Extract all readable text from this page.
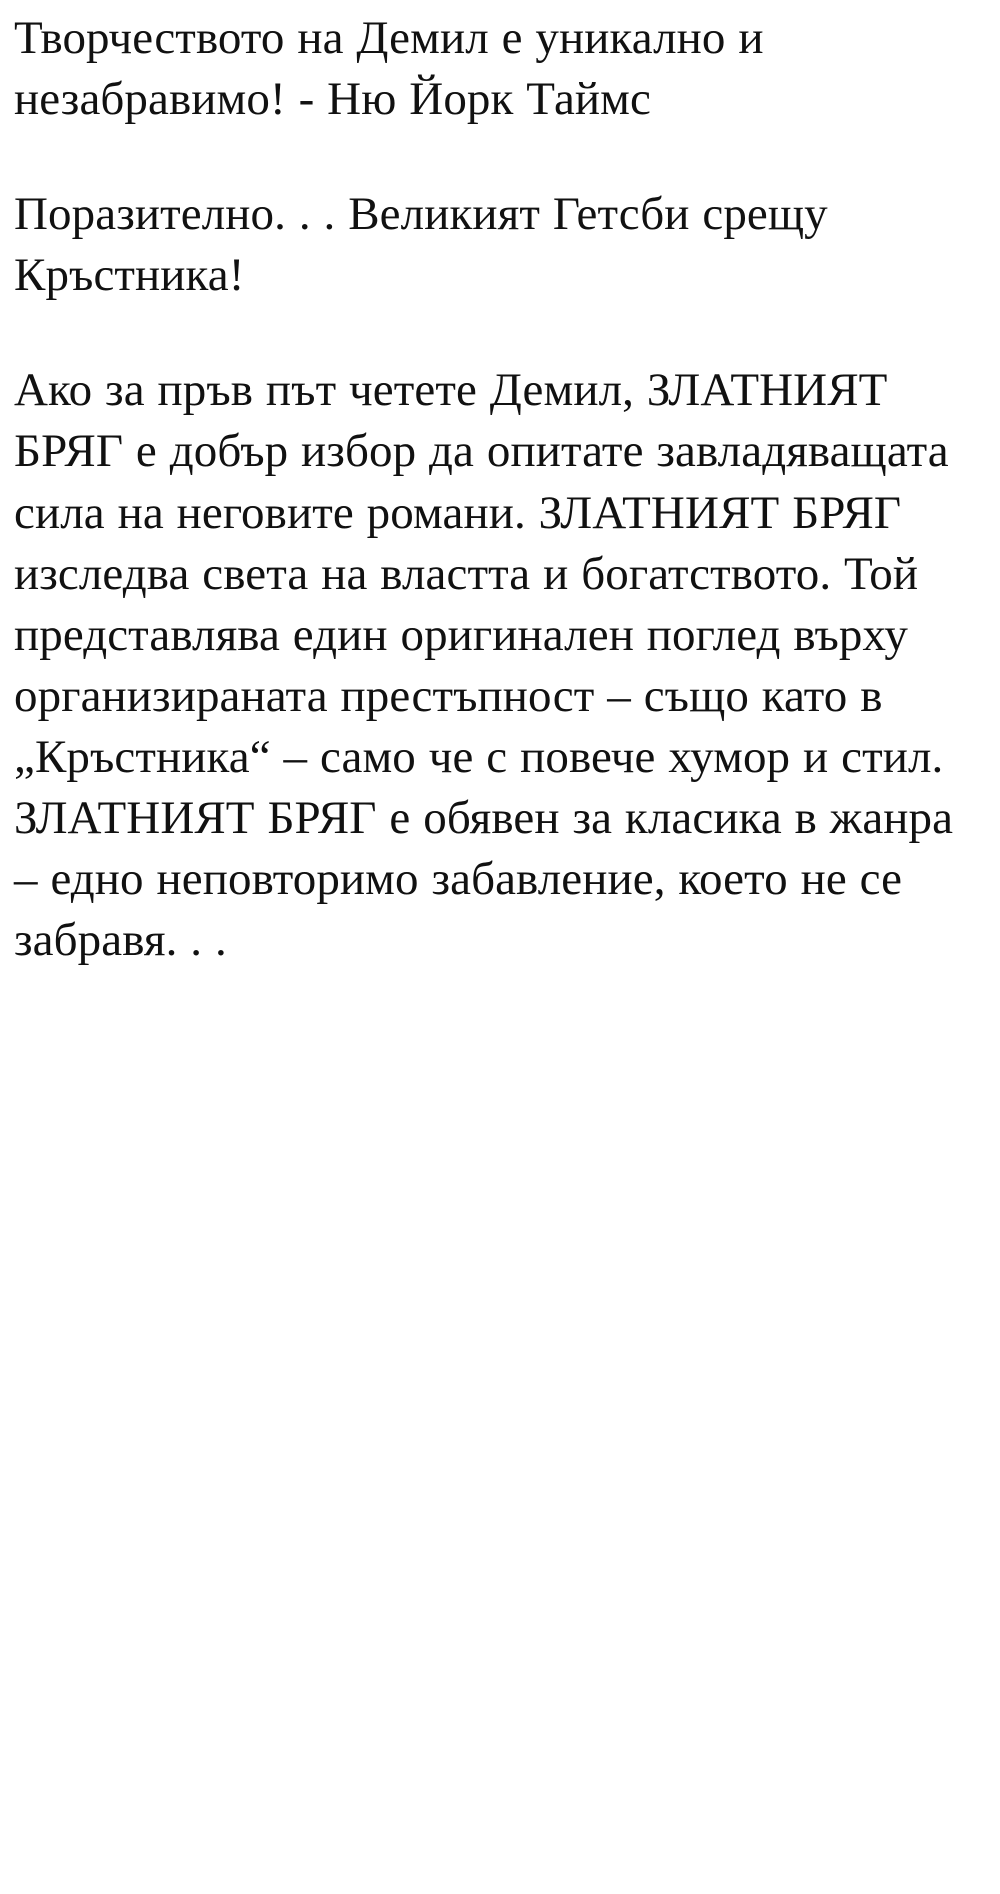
Творчеството на Демил е уникално и незабравимо! - Ню Йорк Таймс

Поразително. . . Великият Гетсби срещу Кръстника!

Ако за пръв път четете Демил, ЗЛАТНИЯТ БРЯГ е добър избор да опитате завладяващата сила на неговите романи. ЗЛАТНИЯТ БРЯГ изследва света на властта и богатството. Той представлява един оригинален поглед върху организираната престъпност – също като в „Кръстника“ – само че с повече хумор и стил. ЗЛАТНИЯТ БРЯГ е обявен за класика в жанра – едно неповторимо забавление, което не се забравя. . .
